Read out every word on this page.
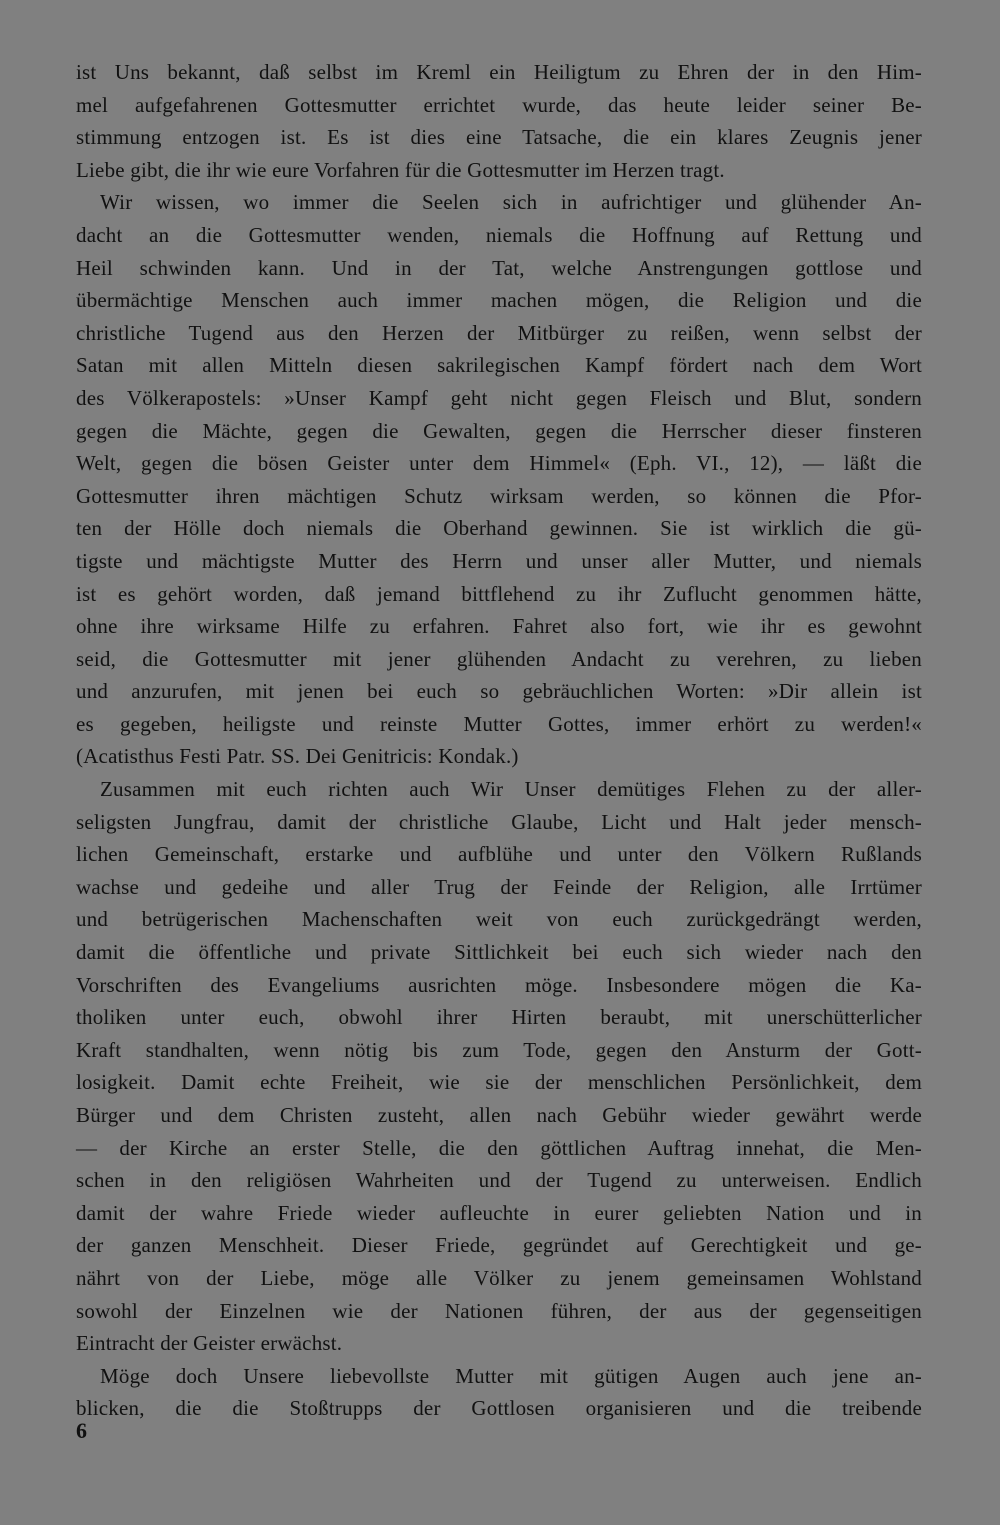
ist Uns bekannt, daß selbst im Kreml ein Heiligtum zu Ehren der in den Him-
mel aufgefahrenen Gottesmutter errichtet wurde, das heute leider seiner Be-
stimmung entzogen ist. Es ist dies eine Tatsache, die ein klares Zeugnis jener
Liebe gibt, die ihr wie eure Vorfahren für die Gottesmutter im Herzen tragt.
Wir wissen, wo immer die Seelen sich in aufrichtiger und glühender An-
dacht an die Gottesmutter wenden, niemals die Hoffnung auf Rettung und
Heil schwinden kann. Und in der Tat, welche Anstrengungen gottlose und
übermächtige Menschen auch immer machen mögen, die Religion und die
christliche Tugend aus den Herzen der Mitbürger zu reißen, wenn selbst der
Satan mit allen Mitteln diesen sakrilegischen Kampf fördert nach dem Wort
des Völkerapostels: »Unser Kampf geht nicht gegen Fleisch und Blut, sondern
gegen die Mächte, gegen die Gewalten, gegen die Herrscher dieser finsteren
Welt, gegen die bösen Geister unter dem Himmel« (Eph. VI., 12), — läßt die
Gottesmutter ihren mächtigen Schutz wirksam werden, so können die Pfor-
ten der Hölle doch niemals die Oberhand gewinnen. Sie ist wirklich die gü-
tigste und mächtigste Mutter des Herrn und unser aller Mutter, und niemals
ist es gehört worden, daß jemand bittflehend zu ihr Zuflucht genommen hätte,
ohne ihre wirksame Hilfe zu erfahren. Fahret also fort, wie ihr es gewohnt
seid, die Gottesmutter mit jener glühenden Andacht zu verehren, zu lieben
und anzurufen, mit jenen bei euch so gebräuchlichen Worten: »Dir allein ist
es gegeben, heiligste und reinste Mutter Gottes, immer erhört zu werden!«
(Acatisthus Festi Patr. SS. Dei Genitricis: Kondak.)
Zusammen mit euch richten auch Wir Unser demütiges Flehen zu der aller-
seligsten Jungfrau, damit der christliche Glaube, Licht und Halt jeder mensch-
lichen Gemeinschaft, erstarke und aufblühe und unter den Völkern Rußlands
wachse und gedeihe und aller Trug der Feinde der Religion, alle Irrtümer
und betrügerischen Machenschaften weit von euch zurückgedrängt werden,
damit die öffentliche und private Sittlichkeit bei euch sich wieder nach den
Vorschriften des Evangeliums ausrichten möge. Insbesondere mögen die Ka-
tholiken unter euch, obwohl ihrer Hirten beraubt, mit unerschütterlicher
Kraft standhalten, wenn nötig bis zum Tode, gegen den Ansturm der Gott-
losigkeit. Damit echte Freiheit, wie sie der menschlichen Persönlichkeit, dem
Bürger und dem Christen zusteht, allen nach Gebühr wieder gewährt werde
— der Kirche an erster Stelle, die den göttlichen Auftrag innehat, die Men-
schen in den religiösen Wahrheiten und der Tugend zu unterweisen. Endlich
damit der wahre Friede wieder aufleuchte in eurer geliebten Nation und in
der ganzen Menschheit. Dieser Friede, gegründet auf Gerechtigkeit und ge-
nährt von der Liebe, möge alle Völker zu jenem gemeinsamen Wohlstand
sowohl der Einzelnen wie der Nationen führen, der aus der gegenseitigen
Eintracht der Geister erwächst.
Möge doch Unsere liebevollste Mutter mit gütigen Augen auch jene an-
blicken, die die Stoßtrupps der Gottlosen organisieren und die treibende
6
